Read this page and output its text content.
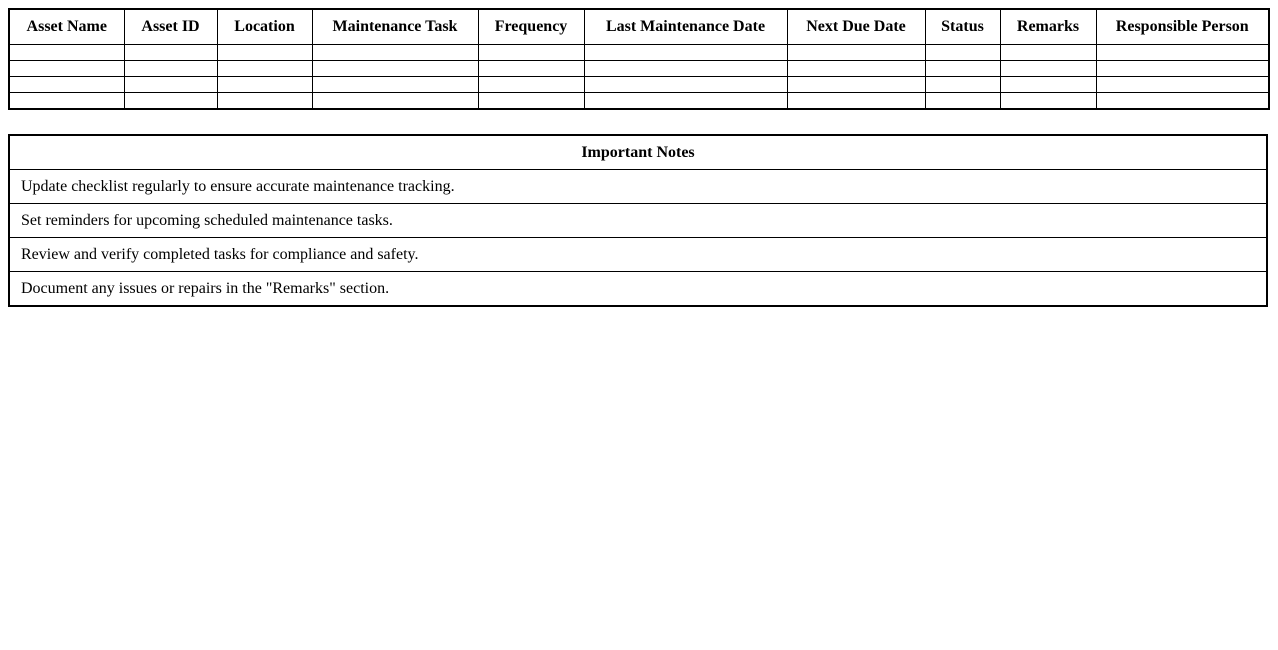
Asset Name	Asset ID	Location	Maintenance Task	Frequency	Last Maintenance Date	Next Due Date	Status	Remarks	Responsible Person

Important Notes
Update checklist regularly to ensure accurate maintenance tracking.
Set reminders for upcoming scheduled maintenance tasks.
Review and verify completed tasks for compliance and safety.
Document any issues or repairs in the "Remarks" section.
